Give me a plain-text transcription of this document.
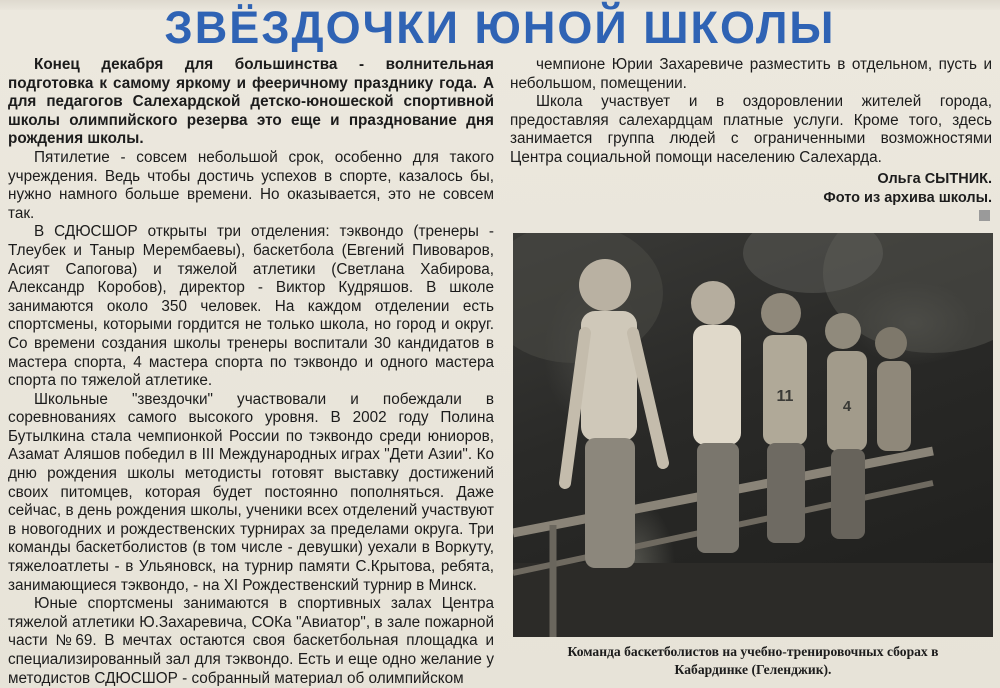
ЗВЁЗДОЧКИ ЮНОЙ ШКОЛЫ

Конец декабря для большинства - волнительная подготовка к самому яркому и фееричному празднику года. А для педагогов Салехардской детско-юношеской спортивной школы олимпийского резерва это еще и празднование дня рождения школы.

Пятилетие - совсем небольшой срок, особенно для такого учреждения. Ведь чтобы достичь успехов в спорте, казалось бы, нужно намного больше времени. Но оказывается, это не совсем так.

В СДЮСШОР открыты три отделения: тэквондо (тренеры - Тлеубек и Таныр Мерембаевы), баскетбола (Евгений Пивоваров, Асият Сапогова) и тяжелой атлетики (Светлана Хабирова, Александр Коробов), директор - Виктор Кудряшов. В школе занимаются около 350 человек. На каждом отделении есть спортсмены, которыми гордится не только школа, но город и округ. Со времени создания школы тренеры воспитали 30 кандидатов в мастера спорта, 4 мастера спорта по тэквондо и одного мастера спорта по тяжелой атлетике.

Школьные "звездочки" участвовали и побеждали в соревнованиях самого высокого уровня. В 2002 году Полина Бутылкина стала чемпионкой России по тэквондо среди юниоров, Азамат Аляшов победил в III Международных играх "Дети Азии". Ко дню рождения школы методисты готовят выставку достижений своих питомцев, которая будет постоянно пополняться. Даже сейчас, в день рождения школы, ученики всех отделений участвуют в новогодних и рождественских турнирах за пределами округа. Три команды баскетболистов (в том числе - девушки) уехали в Воркуту, тяжелоатлеты - в Ульяновск, на турнир памяти С.Крытова, ребята, занимающиеся тэквондо, - на XI Рождественский турнир в Минск.

Юные спортсмены занимаются в спортивных залах Центра тяжелой атлетики Ю.Захаревича, СОКа "Авиатор", в зале пожарной части №69. В мечтах остаются своя баскетбольная площадка и специализированный зал для тэквондо. Есть и еще одно желание у методистов СДЮСШОР - собранный материал об олимпийском

чемпионе Юрии Захаревиче разместить в отдельном, пусть и небольшом, помещении.

Школа участвует и в оздоровлении жителей города, предоставляя салехардцам платные услуги. Кроме того, здесь занимается группа людей с ограниченными возможностями Центра социальной помощи населению Салехарда.

Ольга СЫТНИК.
Фото из архива школы.
11
4
Команда баскетболистов на учебно-тренировочных сборах в
Кабардинке (Геленджик).
